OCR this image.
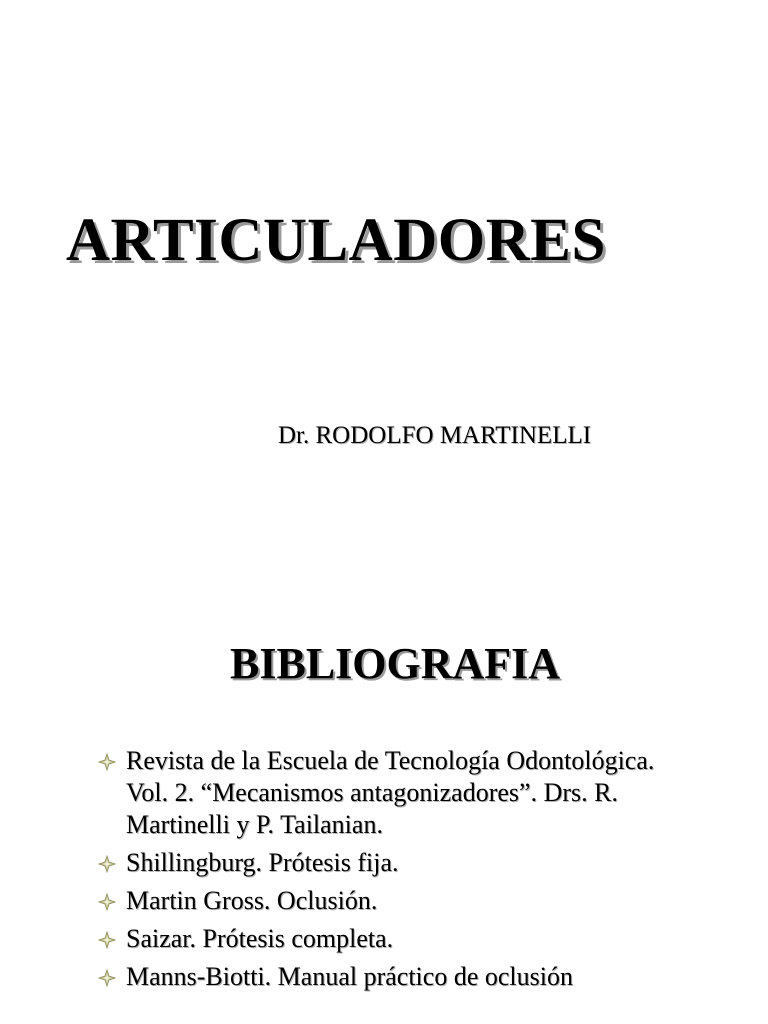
ARTICULADORES
Dr. RODOLFO MARTINELLI
BIBLIOGRAFIA
Revista de la Escuela de Tecnología Odontológica. Vol. 2. “Mecanismos antagonizadores”. Drs. R. Martinelli y P. Tailanian.
Shillingburg. Prótesis fija.
Martin Gross. Oclusión.
Saizar. Prótesis completa.
Manns-Biotti. Manual práctico de oclusión
